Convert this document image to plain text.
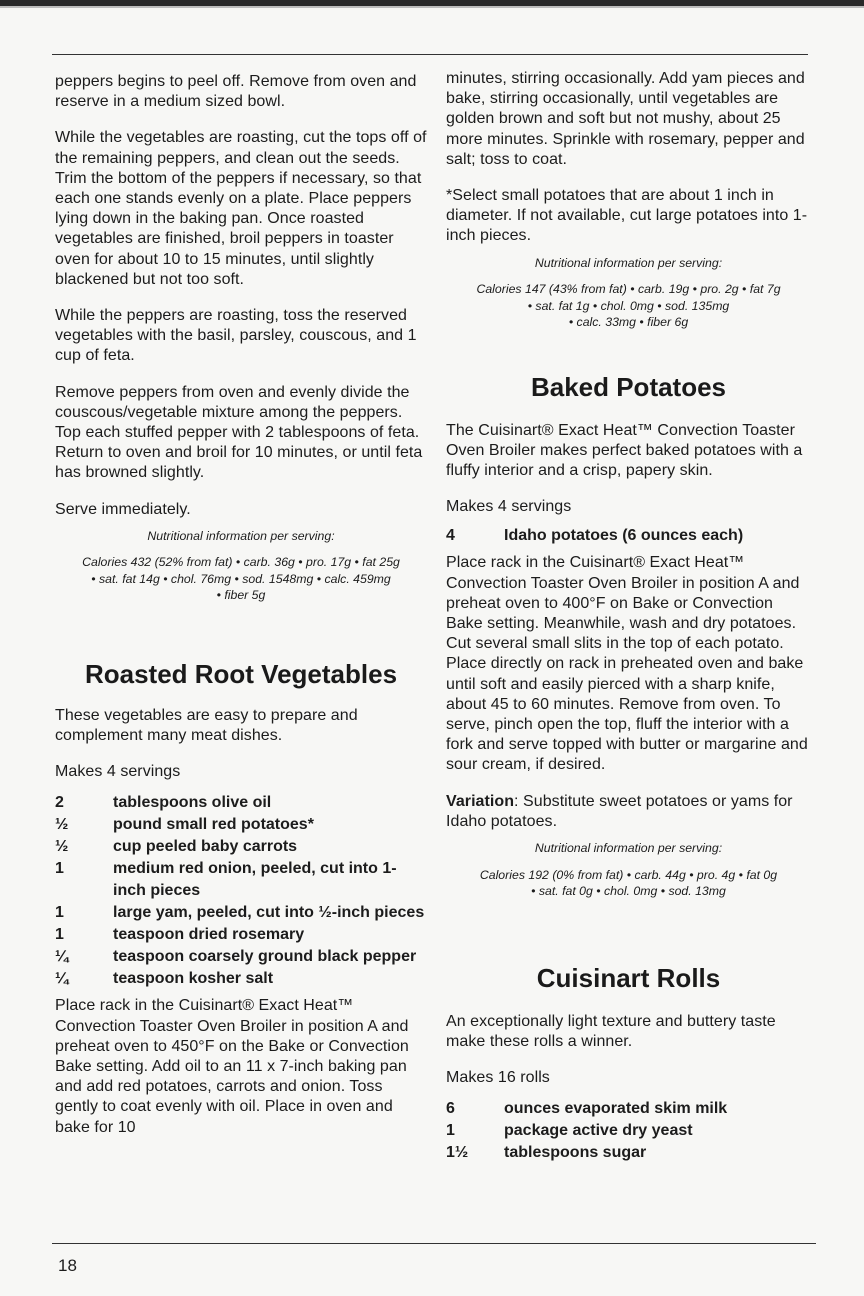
peppers begins to peel off. Remove from oven and reserve in a medium sized bowl.

While the vegetables are roasting, cut the tops off of the remaining peppers, and clean out the seeds. Trim the bottom of the peppers if necessary, so that each one stands evenly on a plate. Place peppers lying down in the baking pan. Once roasted vegetables are finished, broil peppers in toaster oven for about 10 to 15 minutes, until slightly blackened but not too soft.

While the peppers are roasting, toss the reserved vegetables with the basil, parsley, couscous, and 1 cup of feta.

Remove peppers from oven and evenly divide the couscous/vegetable mixture among the peppers. Top each stuffed pepper with 2 tablespoons of feta. Return to oven and broil for 10 minutes, or until feta has browned slightly.

Serve immediately.

Nutritional information per serving:
Calories 432 (52% from fat) • carb. 36g • pro. 17g • fat 25g
• sat. fat 14g • chol. 76mg • sod. 1548mg • calc. 459mg
• fiber 5g
Roasted Root Vegetables

These vegetables are easy to prepare and complement many meat dishes.

Makes 4 servings

2	tablespoons olive oil
½	pound small red potatoes*
½	cup peeled baby carrots
1	medium red onion, peeled, cut into 1-inch pieces
1	large yam, peeled, cut into ½-inch pieces
1	teaspoon dried rosemary
¼	teaspoon coarsely ground black pepper
¼	teaspoon kosher salt

Place rack in the Cuisinart® Exact Heat™ Convection Toaster Oven Broiler in position A and preheat oven to 450°F on the Bake or Convection Bake setting. Add oil to an 11 x 7-inch baking pan and add red potatoes, carrots and onion. Toss gently to coat evenly with oil. Place in oven and bake for 10

minutes, stirring occasionally. Add yam pieces and bake, stirring occasionally, until vegetables are golden brown and soft but not mushy, about 25 more minutes. Sprinkle with rosemary, pepper and salt; toss to coat.

*Select small potatoes that are about 1 inch in diameter. If not available, cut large potatoes into 1-inch pieces.

Nutritional information per serving:
Calories 147 (43% from fat) • carb. 19g • pro. 2g • fat 7g
• sat. fat 1g • chol. 0mg • sod. 135mg
• calc. 33mg • fiber 6g
Baked Potatoes

The Cuisinart® Exact Heat™ Convection Toaster Oven Broiler makes perfect baked potatoes with a fluffy interior and a crisp, papery skin.

Makes 4 servings

4	Idaho potatoes (6 ounces each)

Place rack in the Cuisinart® Exact Heat™ Convection Toaster Oven Broiler in position A and preheat oven to 400°F on Bake or Convection Bake setting. Meanwhile, wash and dry potatoes. Cut several small slits in the top of each potato. Place directly on rack in preheated oven and bake until soft and easily pierced with a sharp knife, about 45 to 60 minutes. Remove from oven. To serve, pinch open the top, fluff the interior with a fork and serve topped with butter or margarine and sour cream, if desired.

Variation: Substitute sweet potatoes or yams for Idaho potatoes.

Nutritional information per serving:
Calories 192 (0% from fat) • carb. 44g • pro. 4g • fat 0g
• sat. fat 0g • chol. 0mg • sod. 13mg
Cuisinart Rolls

An exceptionally light texture and buttery taste make these rolls a winner.

Makes 16 rolls

6	ounces evaporated skim milk
1	package active dry yeast
1½	tablespoons sugar
18
